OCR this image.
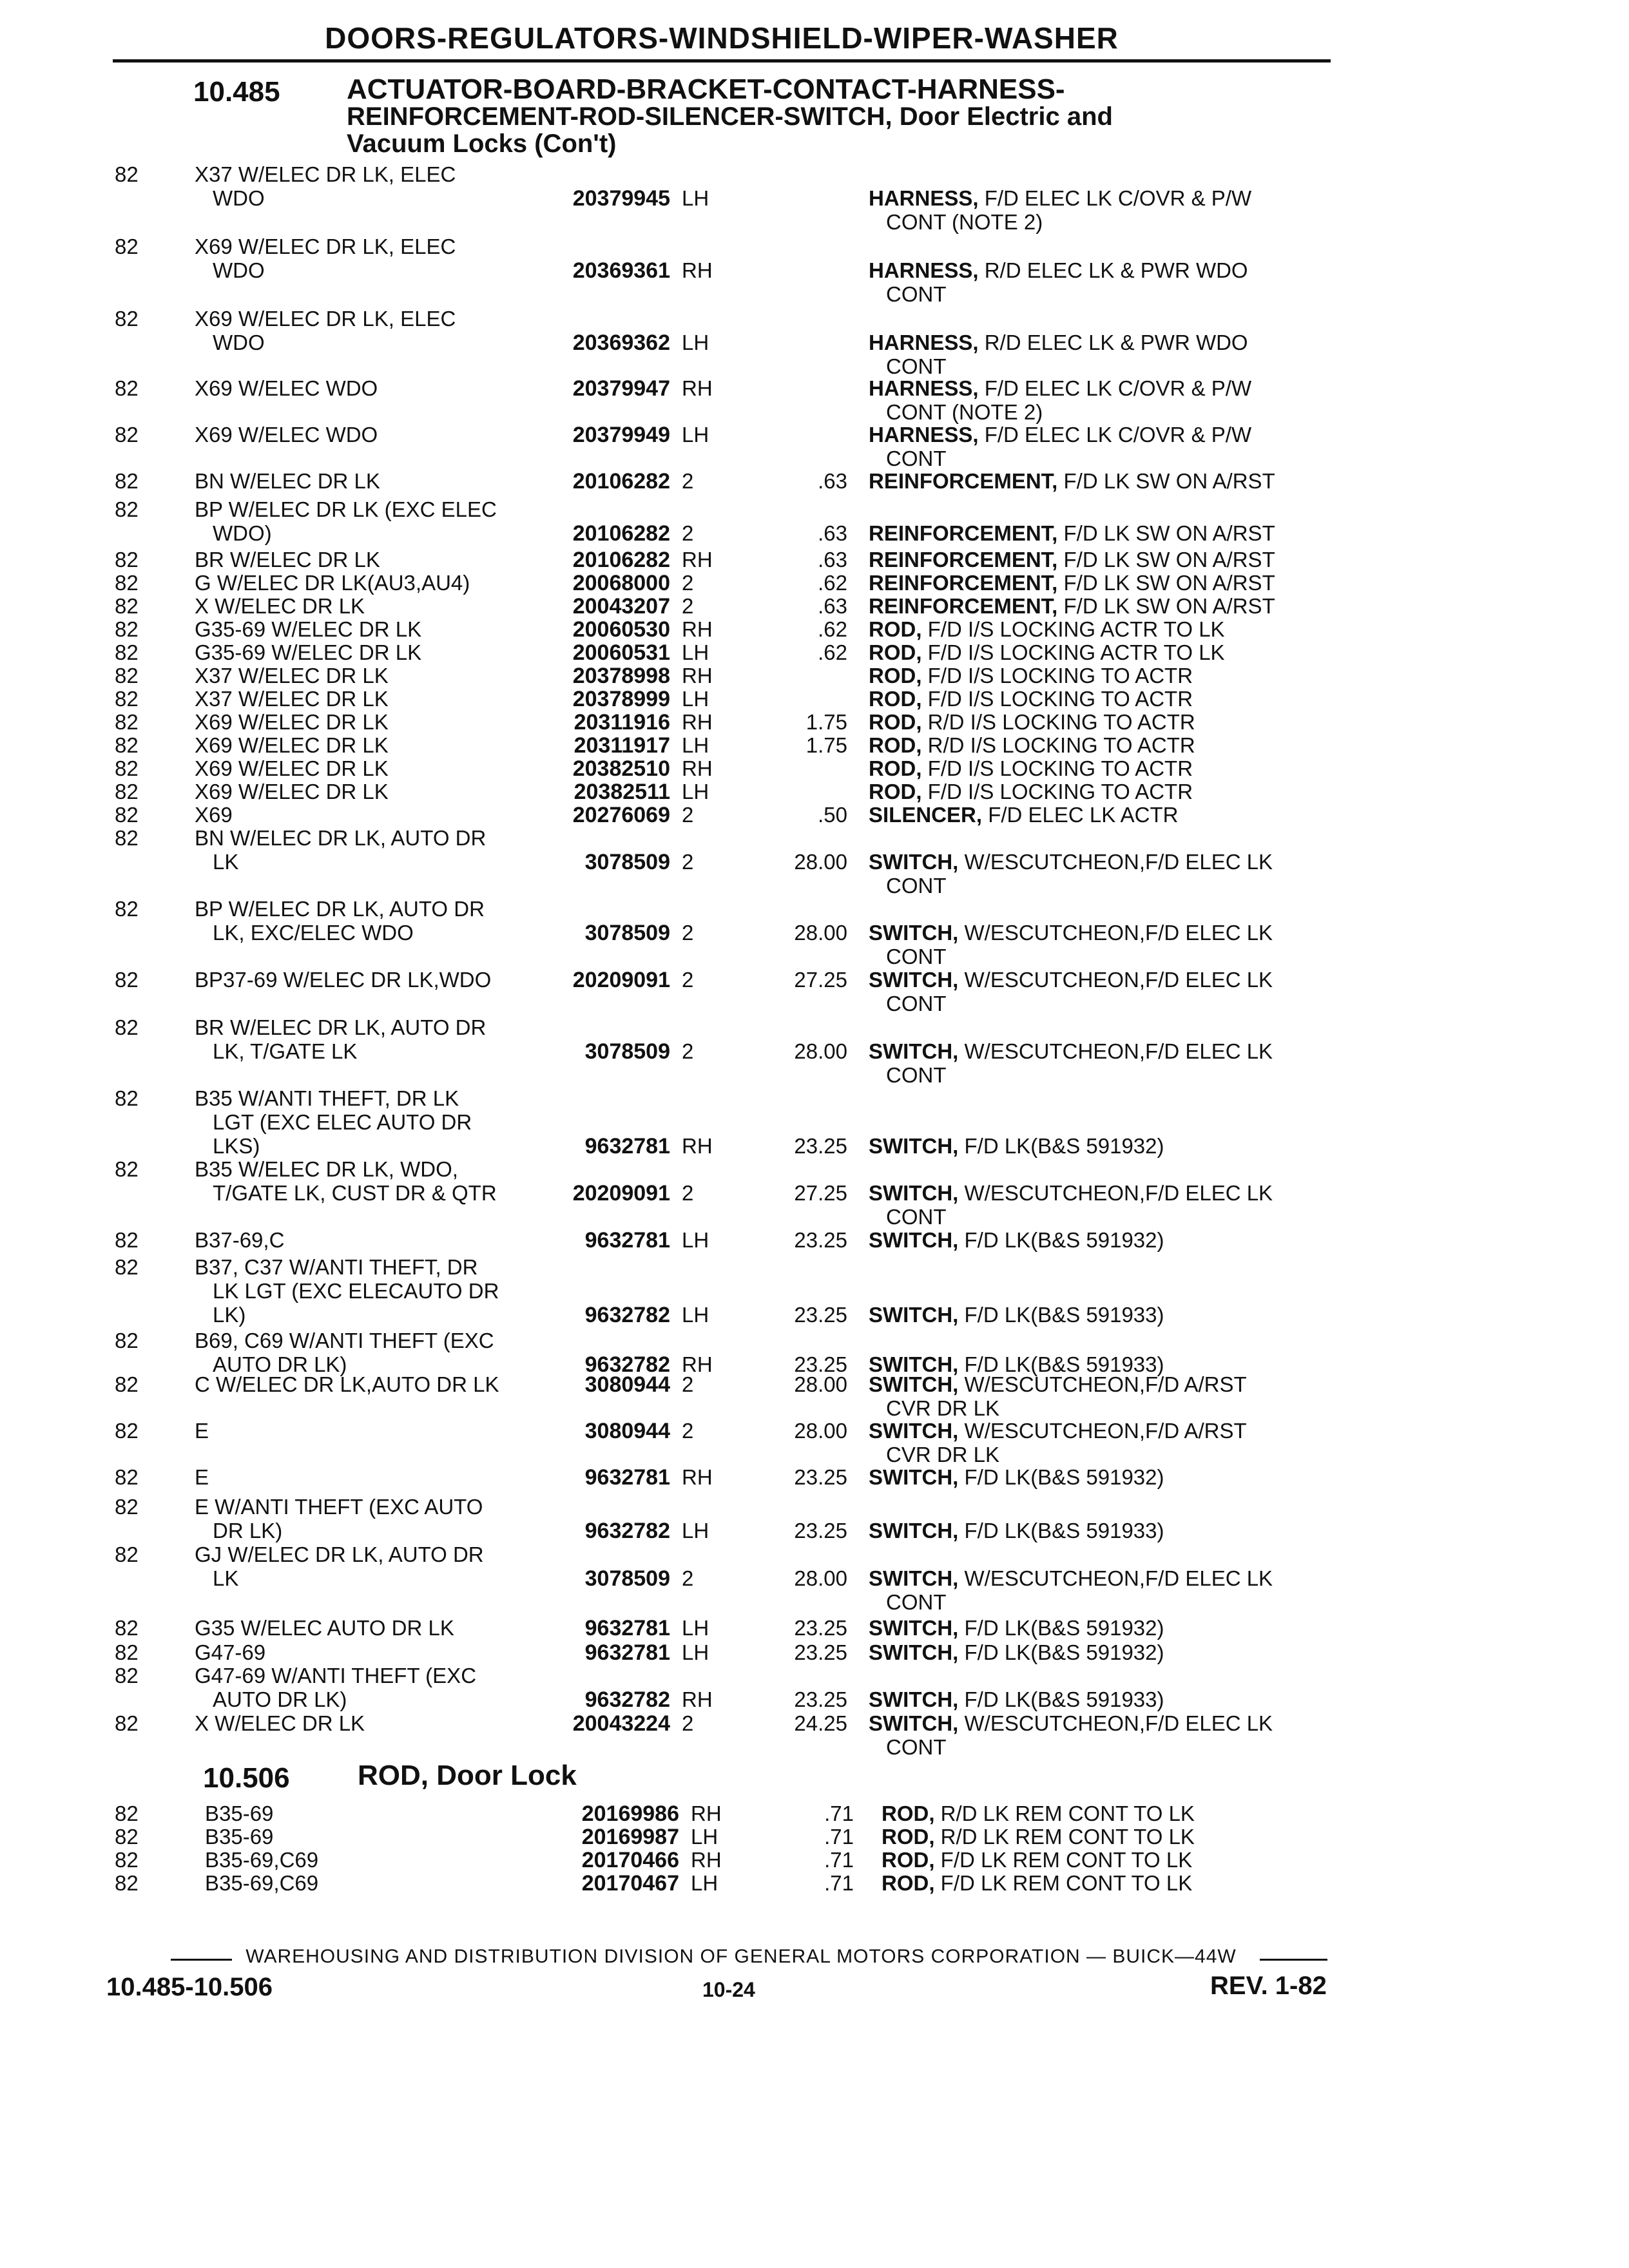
DOORS-REGULATORS-WINDSHIELD-WIPER-WASHER
10.485 ACTUATOR-BOARD-BRACKET-CONTACT-HARNESS-
REINFORCEMENT-ROD-SILENCER-SWITCH, Door Electric and
Vacuum Locks (Con't)
82	X37 W/ELEC DR LK, ELEC
WDO	20379945 LH	HARNESS, F/D ELEC LK C/OVR & P/W
CONT (NOTE 2)
82	X69 W/ELEC DR LK, ELEC
WDO	20369361 RH	HARNESS, R/D ELEC LK & PWR WDO
CONT
82	X69 W/ELEC DR LK, ELEC
WDO	20369362 LH	HARNESS, R/D ELEC LK & PWR WDO
CONT
82	X69 W/ELEC WDO	20379947 RH	HARNESS, F/D ELEC LK C/OVR & P/W
CONT (NOTE 2)
82	X69 W/ELEC WDO	20379949 LH	HARNESS, F/D ELEC LK C/OVR & P/W
CONT
82	BN W/ELEC DR LK	20106282 2	.63 REINFORCEMENT, F/D LK SW ON A/RST
82	BP W/ELEC DR LK (EXC ELEC
WDO)	20106282 2	.63 REINFORCEMENT, F/D LK SW ON A/RST
82	BR W/ELEC DR LK	20106282 RH	.63 REINFORCEMENT, F/D LK SW ON A/RST
82	G W/ELEC DR LK(AU3,AU4)	20068000 2	.62 REINFORCEMENT, F/D LK SW ON A/RST
82	X W/ELEC DR LK	20043207 2	.63 REINFORCEMENT, F/D LK SW ON A/RST
82	G35-69 W/ELEC DR LK	20060530 RH	.62 ROD, F/D I/S LOCKING ACTR TO LK
82	G35-69 W/ELEC DR LK	20060531 LH	.62 ROD, F/D I/S LOCKING ACTR TO LK
82	X37 W/ELEC DR LK	20378998 RH	ROD, F/D I/S LOCKING TO ACTR
82	X37 W/ELEC DR LK	20378999 LH	ROD, F/D I/S LOCKING TO ACTR
82	X69 W/ELEC DR LK	20311916 RH	1.75 ROD, R/D I/S LOCKING TO ACTR
82	X69 W/ELEC DR LK	20311917 LH	1.75 ROD, R/D I/S LOCKING TO ACTR
82	X69 W/ELEC DR LK	20382510 RH	ROD, F/D I/S LOCKING TO ACTR
82	X69 W/ELEC DR LK	20382511 LH	ROD, F/D I/S LOCKING TO ACTR
82	X69	20276069 2	.50 SILENCER, F/D ELEC LK ACTR
82	BN W/ELEC DR LK, AUTO DR
LK	3078509 2	28.00 SWITCH, W/ESCUTCHEON,F/D ELEC LK
CONT
82	BP W/ELEC DR LK, AUTO DR
LK, EXC/ELEC WDO	3078509 2	28.00 SWITCH, W/ESCUTCHEON,F/D ELEC LK
CONT
82	BP37-69 W/ELEC DR LK,WDO	20209091 2	27.25 SWITCH, W/ESCUTCHEON,F/D ELEC LK
CONT
82	BR W/ELEC DR LK, AUTO DR
LK, T/GATE LK	3078509 2	28.00 SWITCH, W/ESCUTCHEON,F/D ELEC LK
CONT
82	B35 W/ANTI THEFT, DR LK
LGT (EXC ELEC AUTO DR
LKS)	9632781 RH	23.25 SWITCH, F/D LK(B&S 591932)
82	B35 W/ELEC DR LK, WDO,
T/GATE LK, CUST DR & QTR	20209091 2	27.25 SWITCH, W/ESCUTCHEON,F/D ELEC LK
CONT
82	B37-69,C	9632781 LH	23.25 SWITCH, F/D LK(B&S 591932)
82	B37, C37 W/ANTI THEFT, DR
LK LGT (EXC ELECAUTO DR
LK)	9632782 LH	23.25 SWITCH, F/D LK(B&S 591933)
82	B69, C69 W/ANTI THEFT (EXC
AUTO DR LK)	9632782 RH	23.25 SWITCH, F/D LK(B&S 591933)
82	C W/ELEC DR LK,AUTO DR LK	3080944 2	28.00 SWITCH, W/ESCUTCHEON,F/D A/RST
CVR DR LK
82	E	3080944 2	28.00 SWITCH, W/ESCUTCHEON,F/D A/RST
CVR DR LK
82	E	9632781 RH	23.25 SWITCH, F/D LK(B&S 591932)
82	E W/ANTI THEFT (EXC AUTO
DR LK)	9632782 LH	23.25 SWITCH, F/D LK(B&S 591933)
82	GJ W/ELEC DR LK, AUTO DR
LK	3078509 2	28.00 SWITCH, W/ESCUTCHEON,F/D ELEC LK
CONT
82	G35 W/ELEC AUTO DR LK	9632781 LH	23.25 SWITCH, F/D LK(B&S 591932)
82	G47-69	9632781 LH	23.25 SWITCH, F/D LK(B&S 591932)
82	G47-69 W/ANTI THEFT (EXC
AUTO DR LK)	9632782 RH	23.25 SWITCH, F/D LK(B&S 591933)
82	X W/ELEC DR LK	20043224 2	24.25 SWITCH, W/ESCUTCHEON,F/D ELEC LK
CONT
10.506 ROD, Door Lock
82	B35-69	20169986 RH	.71 ROD, R/D LK REM CONT TO LK
82	B35-69	20169987 LH	.71 ROD, R/D LK REM CONT TO LK
82	B35-69,C69	20170466 RH	.71 ROD, F/D LK REM CONT TO LK
82	B35-69,C69	20170467 LH	.71 ROD, F/D LK REM CONT TO LK
WAREHOUSING AND DISTRIBUTION DIVISION OF GENERAL MOTORS CORPORATION — BUICK—44W
10.485-10.506	10-24	REV. 1-82
